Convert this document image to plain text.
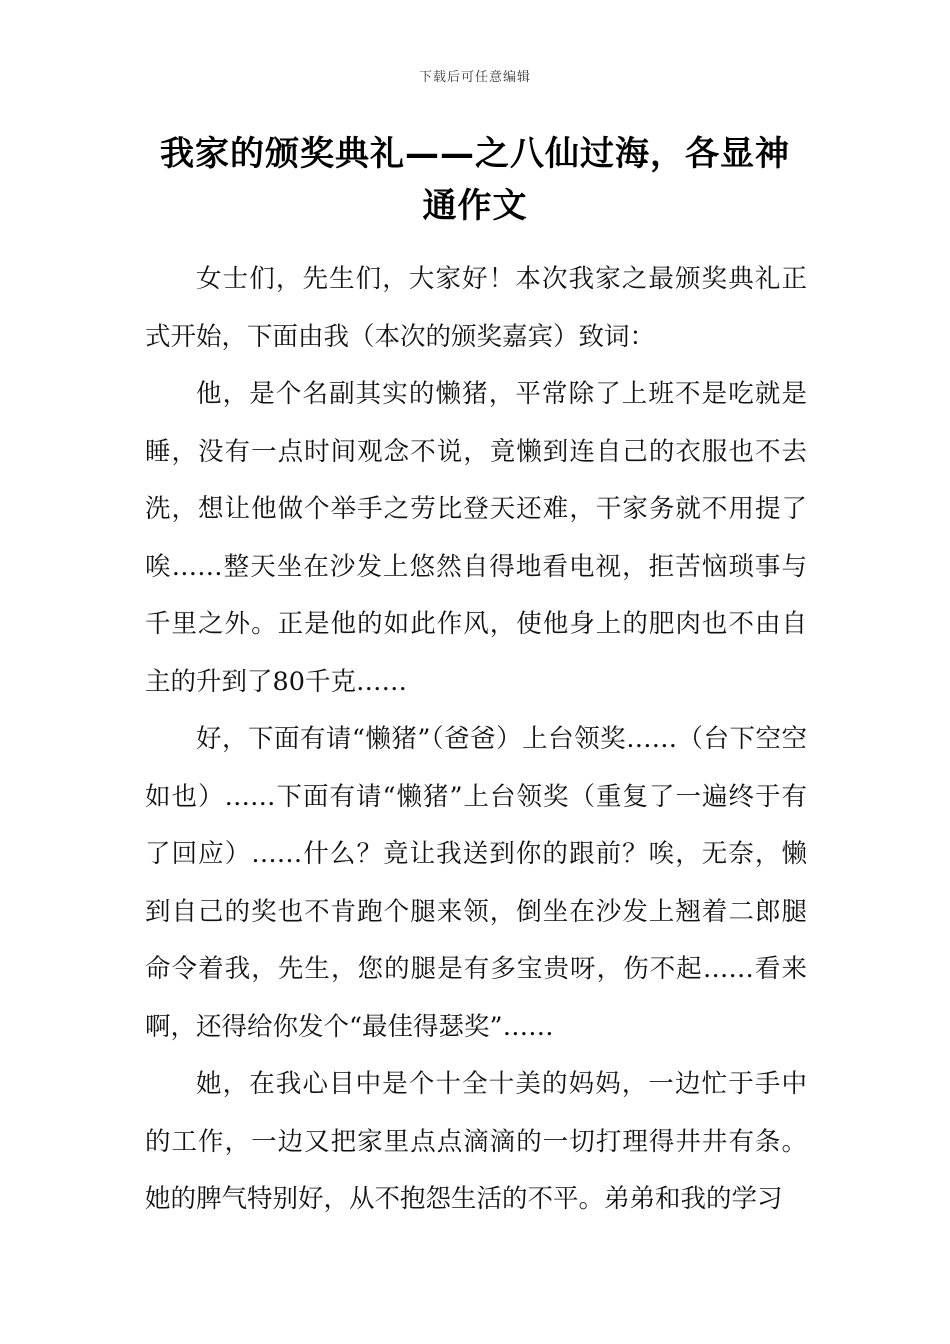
下载后可任意编辑
我家的颁奖典礼——之八仙过海，各显神通作文

女士们，先生们，大家好！本次我家之最颁奖典礼正式开始，下面由我（本次的颁奖嘉宾）致词：

他，是个名副其实的懒猪，平常除了上班不是吃就是睡，没有一点时间观念不说，竟懒到连自己的衣服也不去洗，想让他做个举手之劳比登天还难，干家务就不用提了唉……整天坐在沙发上悠然自得地看电视，拒苦恼琐事与千里之外。正是他的如此作风，使他身上的肥肉也不由自主的升到了80千克……

好，下面有请“懒猪”（爸爸）上台领奖……（台下空空如也）……下面有请“懒猪”上台领奖（重复了一遍终于有了回应）……什么？竟让我送到你的跟前？唉，无奈，懒到自己的奖也不肯跑个腿来领，倒坐在沙发上翘着二郎腿命令着我，先生，您的腿是有多宝贵呀，伤不起……看来啊，还得给你发个“最佳得瑟奖”……

她，在我心目中是个十全十美的妈妈，一边忙于手中的工作，一边又把家里点点滴滴的一切打理得井井有条。她的脾气特别好，从不抱怨生活的不平。弟弟和我的学习
